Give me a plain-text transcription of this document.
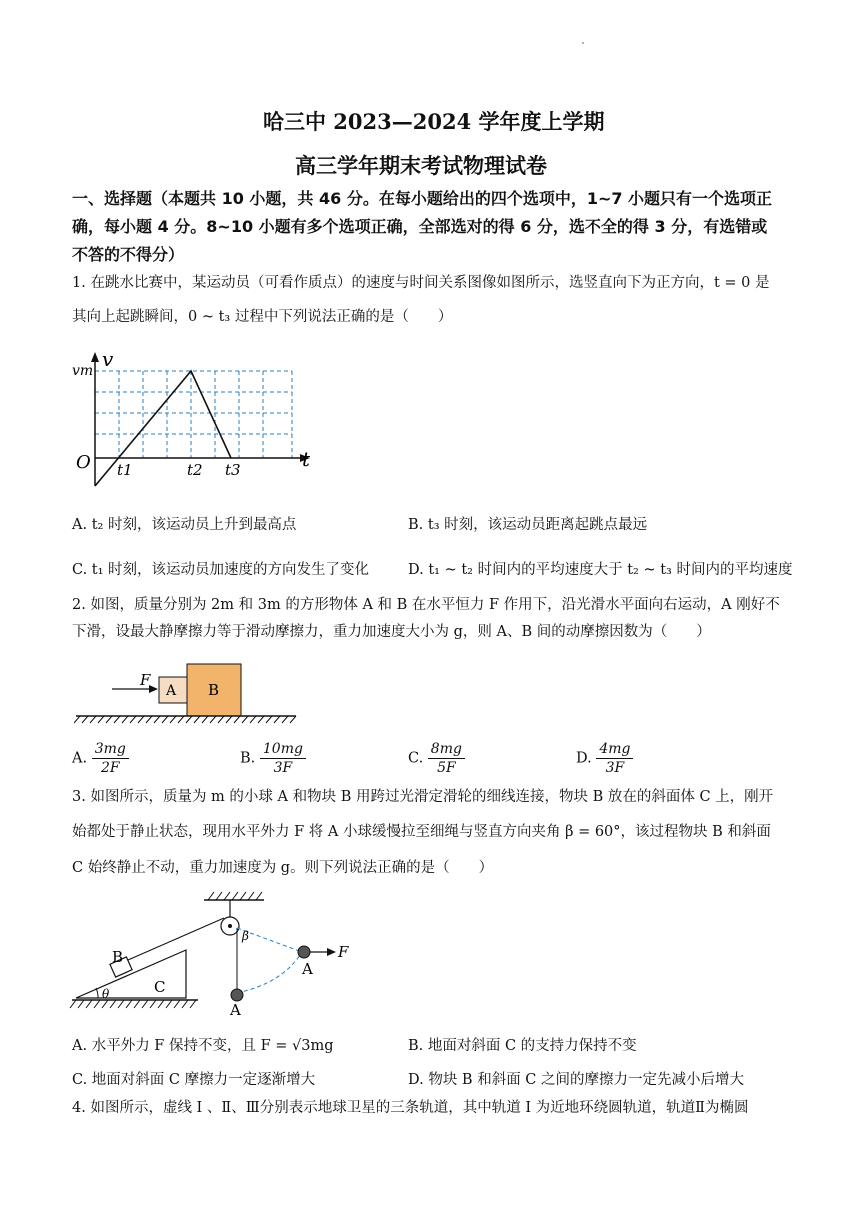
哈三中 2023—2024 学年度上学期
高三学年期末考试物理试卷
一、选择题（本题共 10 小题，共 46 分。在每小题给出的四个选项中，1~7 小题只有一个选项正
确，每小题 4 分。8~10 小题有多个选项正确，全部选对的得 6 分，选不全的得 3 分，有选错或
不答的不得分）
1. 在跳水比赛中，某运动员（可看作质点）的速度与时间关系图像如图所示，选竖直向下为正方向，t = 0 是
其向上起跳瞬间，0 ~ t₃ 过程中下列说法正确的是（　　）
v
vm
O t1	t2 t3	t
A. t₂ 时刻，该运动员上升到最高点	B. t₃ 时刻，该运动员距离起跳点最远
C. t₁ 时刻，该运动员加速度的方向发生了变化	D. t₁ ~ t₂ 时间内的平均速度大于 t₂ ~ t₃ 时间内的平均速度
2. 如图，质量分别为 2m 和 3m 的方形物体 A 和 B 在水平恒力 F 作用下，沿光滑水平面向右运动，A 刚好不
下滑，设最大静摩擦力等于滑动摩擦力，重力加速度大小为 g，则 A、B 间的动摩擦因数为（　　）
F
A B
A. $\frac{3mg}{2F}$	B. $\frac{10mg}{3F}$	C. $\frac{8mg}{5F}$	D. $\frac{4mg}{3F}$
3. 如图所示，质量为 m 的小球 A 和物块 B 用跨过光滑定滑轮的细线连接，物块 B 放在的斜面体 C 上，刚开
始都处于静止状态，现用水平外力 F 将 A 小球缓慢拉至细绳与竖直方向夹角 β = 60°，该过程物块 B 和斜面
C 始终静止不动，重力加速度为 g。则下列说法正确的是（　　）
B
C
θ
β
A
A
F
A. 水平外力 F 保持不变，且 F = √3mg	B. 地面对斜面 C 的支持力保持不变
C. 地面对斜面 C 摩擦力一定逐渐增大	D. 物块 B 和斜面 C 之间的摩擦力一定先减小后增大
4. 如图所示，虚线 Ⅰ 、Ⅱ、Ⅲ分别表示地球卫星的三条轨道，其中轨道 Ⅰ 为近地环绕圆轨道，轨道Ⅱ为椭圆
